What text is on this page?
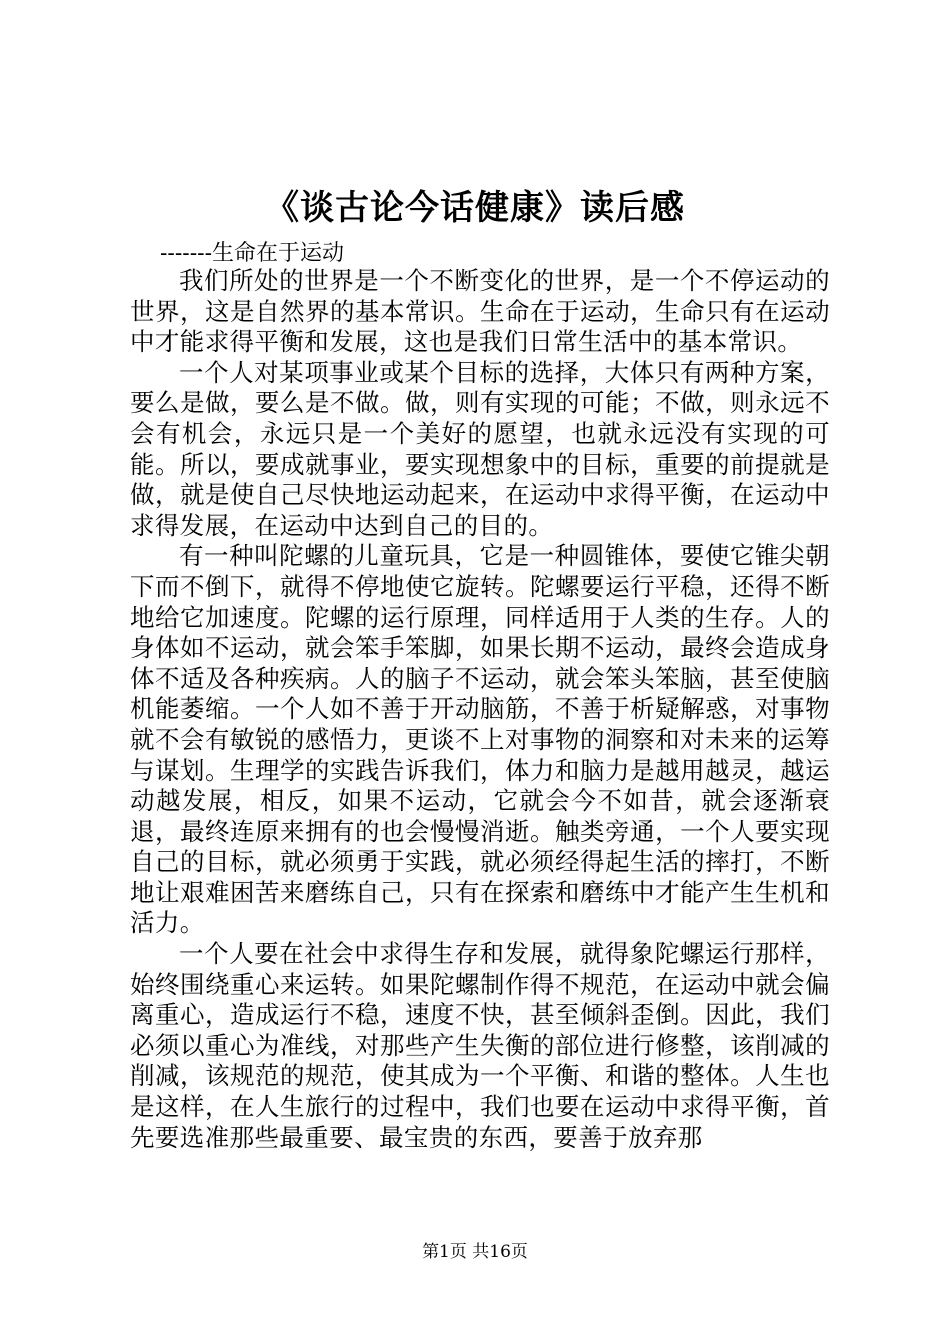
《谈古论今话健康》读后感
-------生命在于运动

我们所处的世界是一个不断变化的世界，是一个不停运动的世界，这是自然界的基本常识。生命在于运动，生命只有在运动中才能求得平衡和发展，这也是我们日常生活中的基本常识。

一个人对某项事业或某个目标的选择，大体只有两种方案，要么是做，要么是不做。做，则有实现的可能；不做，则永远不会有机会，永远只是一个美好的愿望，也就永远没有实现的可能。所以，要成就事业，要实现想象中的目标，重要的前提就是做，就是使自己尽快地运动起来，在运动中求得平衡，在运动中求得发展，在运动中达到自己的目的。

有一种叫陀螺的儿童玩具，它是一种圆锥体，要使它锥尖朝下而不倒下，就得不停地使它旋转。陀螺要运行平稳，还得不断地给它加速度。陀螺的运行原理，同样适用于人类的生存。人的身体如不运动，就会笨手笨脚，如果长期不运动，最终会造成身体不适及各种疾病。人的脑子不运动，就会笨头笨脑，甚至使脑机能萎缩。一个人如不善于开动脑筋，不善于析疑解惑，对事物就不会有敏锐的感悟力，更谈不上对事物的洞察和对未来的运筹与谋划。生理学的实践告诉我们，体力和脑力是越用越灵，越运动越发展，相反，如果不运动，它就会今不如昔，就会逐渐衰退，最终连原来拥有的也会慢慢消逝。触类旁通，一个人要实现自己的目标，就必须勇于实践，就必须经得起生活的摔打，不断地让艰难困苦来磨练自己，只有在探索和磨练中才能产生生机和活力。

一个人要在社会中求得生存和发展，就得象陀螺运行那样，始终围绕重心来运转。如果陀螺制作得不规范，在运动中就会偏离重心，造成运行不稳，速度不快，甚至倾斜歪倒。因此，我们必须以重心为准线，对那些产生失衡的部位进行修整，该削减的削减，该规范的规范，使其成为一个平衡、和谐的整体。人生也是这样，在人生旅行的过程中，我们也要在运动中求得平衡，首先要选准那些最重要、最宝贵的东西，要善于放弃那

第1页 共16页
